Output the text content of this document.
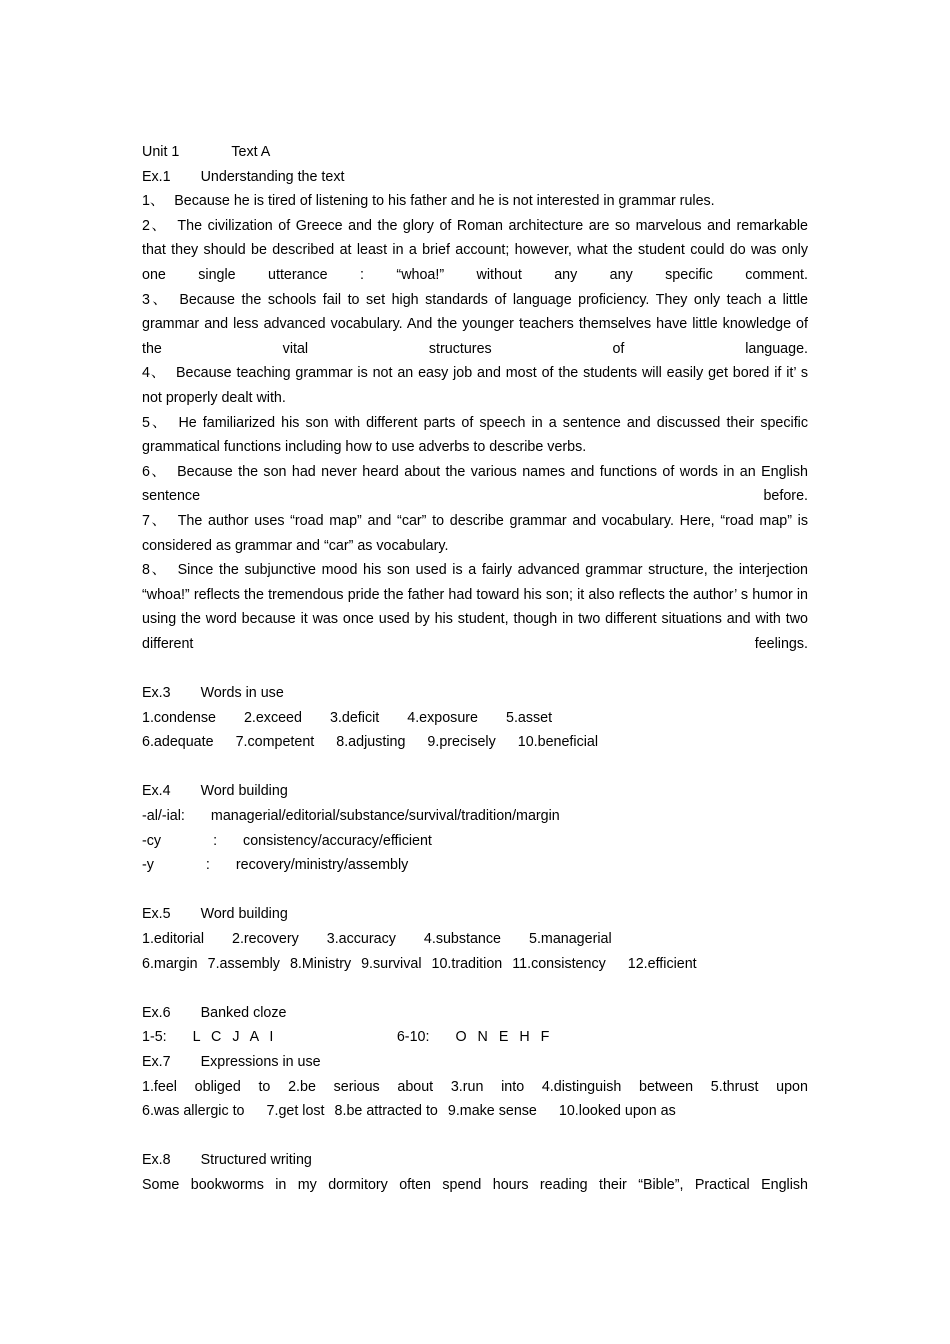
Unit 1	Text A
Ex.1 Understanding the text

1、 Because he is tired of listening to his father and he is not interested in grammar rules.

2、 The civilization of Greece and the glory of Roman architecture are so marvelous and remarkable that they should be described at least in a brief account; however, what the student could do was only one single utterance : “whoa!” without any any specific comment.

3、 Because the schools fail to set high standards of language proficiency. They only teach a little grammar and less advanced vocabulary. And the younger teachers themselves have little knowledge of the vital structures of language.

4、 Because teaching grammar is not an easy job and most of the students will easily get bored if it’ s not properly dealt with.

5、 He familiarized his son with different parts of speech in a sentence and discussed their specific grammatical functions including how to use adverbs to describe verbs.

6、 Because the son had never heard about the various names and functions of words in an English sentence before.

7、 The author uses “road map” and “car” to describe grammar and vocabulary. Here, “road map” is considered as grammar and “car” as vocabulary.

8、 Since the subjunctive mood his son used is a fairly advanced grammar structure, the interjection “whoa!” reflects the tremendous pride the father had toward his son; it also reflects the author’ s humor in using the word because it was once used by his student, though in two different situations and with two different feelings.

Ex.3 Words in use
1.condense 2.exceed 3.deficit 4.exposure 5.asset
6.adequate 7.competent 8.adjusting 9.precisely 10.beneficial
Ex.4 Word building
-al/-ial: managerial/editorial/substance/survival/tradition/margin
-cy	: consistency/accuracy/efficient
-y	: recovery/ministry/assembly
Ex.5 Word building
1.editorial 2.recovery 3.accuracy 4.substance 5.managerial
6.margin 7.assembly 8.Ministry 9.survival 10.tradition 11.consistency 12.efficient
Ex.6 Banked cloze
1-5: L C J A I	6-10: O N E H F
Ex.7 Expressions in use
1.feel obliged to 2.be serious about 3.run into 4.distinguish between 5.thrust upon
6.was allergic to 7.get lost 8.be attracted to 9.make sense 10.looked upon as
Ex.8 Structured writing
Some bookworms in my dormitory often spend hours reading their “Bible”, Practical English
